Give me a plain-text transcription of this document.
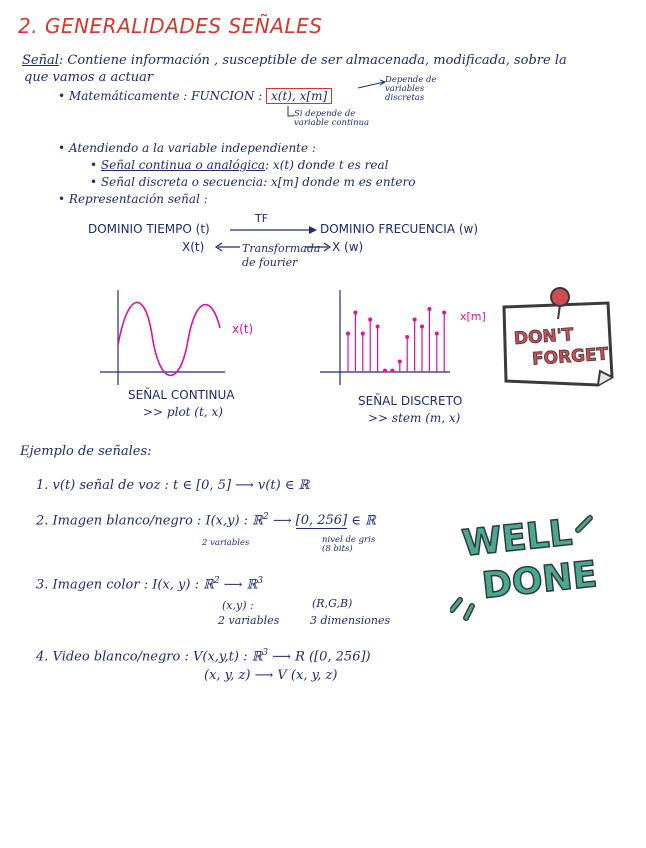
2. GENERALIDADES SEÑALES
Señal: Contiene información , susceptible de ser almacenada, modificada, sobre la
que vamos a actuar
• Matemáticamente : FUNCION : x(t), x[m]
Depende de variables discretas
Si depende de variable continua
• Atendiendo a la variable independiente :
• Señal continua o analógica: x(t) donde t es real
• Señal discreta o secuencia: x[m] donde m es entero
• Representación señal :
DOMINIO TIEMPO (t)
TF
DOMINIO FRECUENCIA (w)
X(t)	Transformada
de fourier
X (w)
x(t)
SEÑAL CONTINUA
>> plot (t, x)
x[m]
SEÑAL DISCRETO
>> stem (m, x)
DON'T
FORGET
Ejemplo de señales:
1. v(t) señal de voz : t ∈ [0, 5] ⟶ v(t) ∈ ℝ
2. Imagen blanco/negro : I(x,y) : ℝ$^2$ ⟶ [0, 256] ∈ ℝ
2 variables	nivel de gris (8 bits)
3. Imagen color : I(x, y) : ℝ$^2$ ⟶ ℝ$^3$
(x,y) :
2 variables
(R,G,B)
3 dimensiones
4. Video blanco/negro : V(x,y,t) : ℝ$^3$ ⟶ R ([0, 256])
(x, y, z) ⟶ V (x, y, z)
WELL
DONE
